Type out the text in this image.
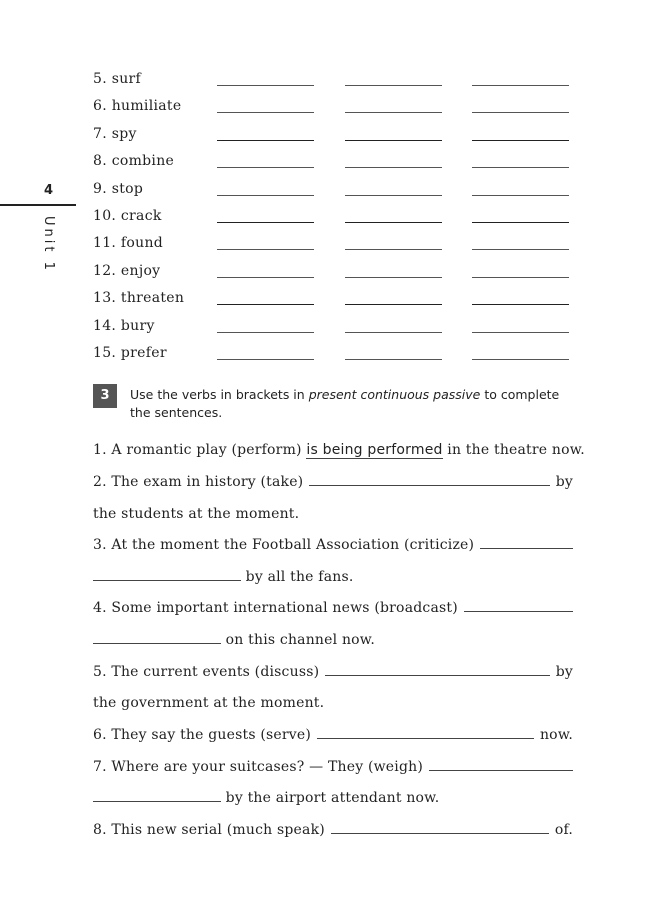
4
Unit 1
5. surf
6. humiliate
7. spy
8. combine
9. stop
10. crack
11. found
12. enjoy
13. threaten
14. bury
15. prefer
3	Use the verbs in brackets in present continuous passive to complete the sentences.
1. A romantic play (perform)
is being performed
in the theatre now.
2. The exam in history (take)	by
the students at the moment.
3. At the moment the Football Association (criticize)

by all the fans.
4. Some important international news (broadcast)

on this channel now.
5. The current events (discuss)	by
the government at the moment.
6. They say the guests (serve)	now.
7. Where are your suitcases? — They (weigh)

by the airport attendant now.
8. This new serial (much speak)	of.
